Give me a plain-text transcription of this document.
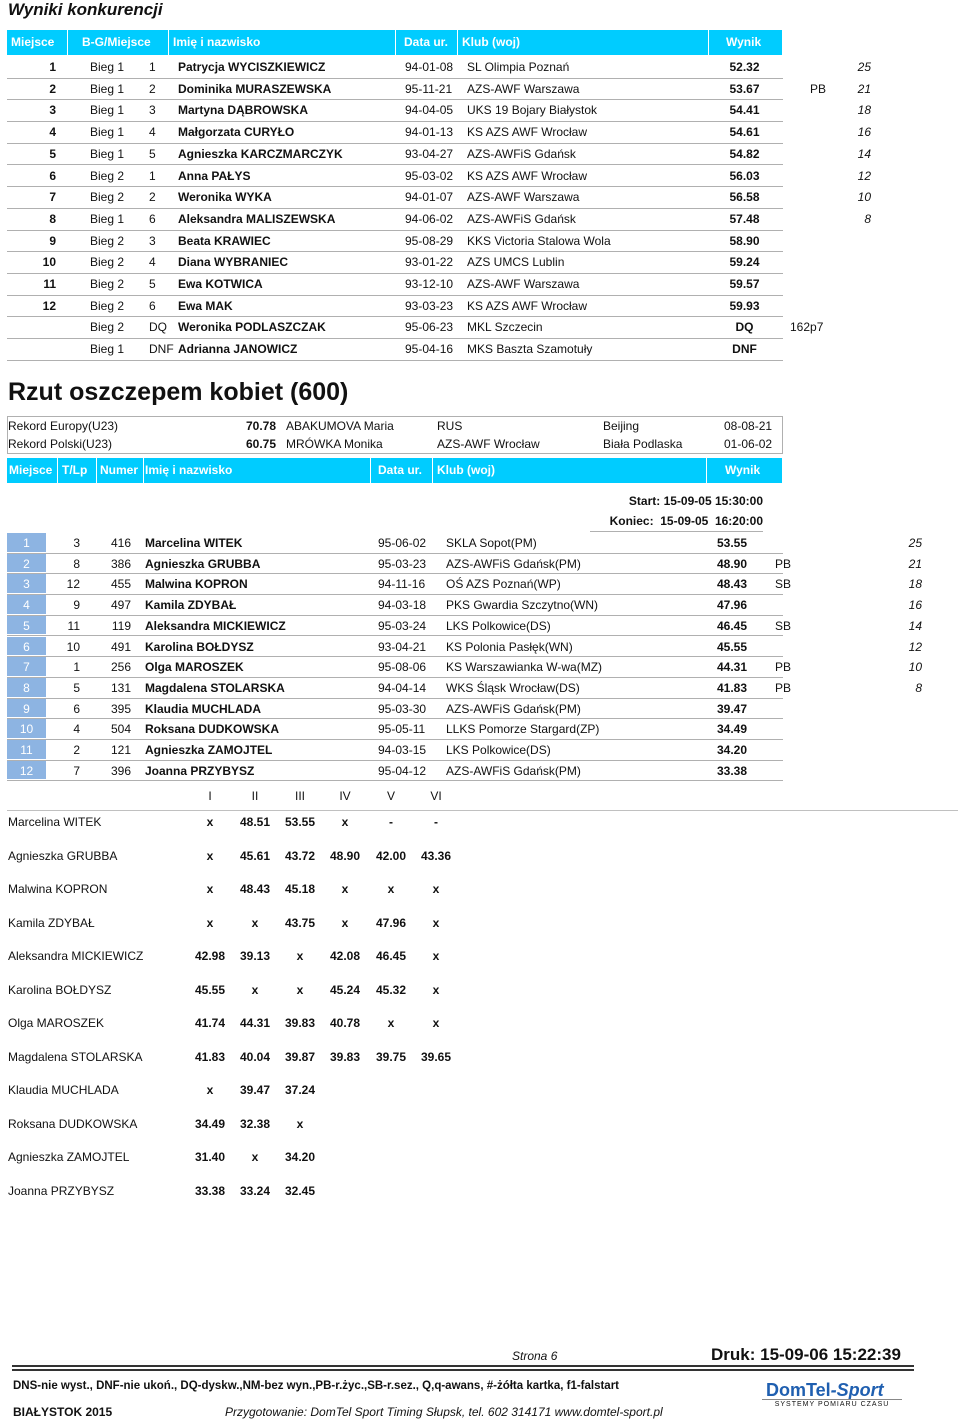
Wyniki konkurencji
Miejsce	B-G/Miejsce	Imię i nazwisko	Data ur.	Klub (woj)	Wynik
1	Bieg 1 1 Patrycja WYCISZKIEWICZ	94-01-08 SL Olimpia Poznań	52.32	25
2	Bieg 1 2 Dominika MURASZEWSKA	95-11-21 AZS-AWF Warszawa	53.67	PB	21
3	Bieg 1 3 Martyna DĄBROWSKA	94-04-05 UKS 19 Bojary Białystok	54.41	18
4	Bieg 1 4 Małgorzata CURYŁO	94-01-13 KS AZS AWF Wrocław	54.61	16
5	Bieg 1 5 Agnieszka KARCZMARCZYK	93-04-27 AZS-AWFiS Gdańsk	54.82	14
6	Bieg 2 1 Anna PAŁYS	95-03-02 KS AZS AWF Wrocław	56.03	12
7	Bieg 2 2 Weronika WYKA	94-01-07 AZS-AWF Warszawa	56.58	10
8	Bieg 1 6 Aleksandra MALISZEWSKA	94-06-02 AZS-AWFiS Gdańsk	57.48	8
9	Bieg 2 3 Beata KRAWIEC	95-08-29 KKS Victoria Stalowa Wola	58.90
10	Bieg 2 4 Diana WYBRANIEC	93-01-22 AZS UMCS Lublin	59.24
11	Bieg 2 5 Ewa KOTWICA	93-12-10 AZS-AWF Warszawa	59.57
12	Bieg 2 6 Ewa MAK	93-03-23 KS AZS AWF Wrocław	59.93
Bieg 2 DQ Weronika PODLASZCZAK	95-06-23 MKL Szczecin	DQ	162p7
Bieg 1 DNF Adrianna JANOWICZ	95-04-16 MKS Baszta Szamotuły	DNF
Rzut oszczepem kobiet (600)
Rekord Europy(U23)	70.78 ABAKUMOVA Maria	RUS	Beijing	08-08-21
Rekord Polski(U23)	60.75 MRÓWKA Monika	AZS-AWF Wrocław	Biała Podlaska	01-06-02
Miejsce T/Lp	Numer Imię i nazwisko	Data ur.	Klub (woj)	Wynik
Start: 15-09-05 15:30:00
Koniec:  15-09-05  16:20:00
1	3	416 Marcelina WITEK	95-06-02 SKLA Sopot(PM)	53.55	25
2	8	386 Agnieszka GRUBBA	95-03-23 AZS-AWFiS Gdańsk(PM)	48.90 PB	21
3	12	455 Malwina KOPRON	94-11-16 OŚ AZS Poznań(WP)	48.43 SB	18
4	9	497 Kamila ZDYBAŁ	94-03-18 PKS Gwardia Szczytno(WN)	47.96	16
5	11	119 Aleksandra MICKIEWICZ	95-03-24 LKS Polkowice(DS)	46.45 SB	14
6	10	491 Karolina BOŁDYSZ	93-04-21 KS Polonia Pasłęk(WN)	45.55	12
7	1	256 Olga MAROSZEK	95-08-06 KS Warszawianka W-wa(MZ)	44.31 PB	10
8	5	131 Magdalena STOLARSKA	94-04-14 WKS Śląsk Wrocław(DS)	41.83 PB	8
9	6	395 Klaudia MUCHLADA	95-03-30 AZS-AWFiS Gdańsk(PM)	39.47
10	4	504 Roksana DUDKOWSKA	95-05-11 LLKS Pomorze Stargard(ZP)	34.49
11	2	121 Agnieszka ZAMOJTEL	94-03-15 LKS Polkowice(DS)	34.20
12	7	396 Joanna PRZYBYSZ	95-04-12 AZS-AWFiS Gdańsk(PM)	33.38
I	II	III	IV	V	VI
Marcelina WITEK	x	48.51	53.55	x	-	-
Agnieszka GRUBBA	x	45.61	43.72	48.90	42.00	43.36
Malwina KOPRON	x	48.43	45.18	x	x	x
Kamila ZDYBAŁ	x	x	43.75	x	47.96	x
Aleksandra MICKIEWICZ	42.98	39.13	x	42.08	46.45	x
Karolina BOŁDYSZ	45.55	x	x	45.24	45.32	x
Olga MAROSZEK	41.74	44.31	39.83	40.78	x	x
Magdalena STOLARSKA	41.83	40.04	39.87	39.83	39.75	39.65
Klaudia MUCHLADA	x	39.47	37.24
Roksana DUDKOWSKA	34.49	32.38	x
Agnieszka ZAMOJTEL	31.40	x	34.20
Joanna PRZYBYSZ	33.38	33.24	32.45
Strona 6	Druk: 15-09-06 15:22:39
DNS-nie wyst., DNF-nie ukoń., DQ-dyskw.,NM-bez wyn.,PB-r.życ.,SB-r.sez., Q,q-awans, #-żółta kartka, f1-falstart
BIAŁYSTOK 2015	Przygotowanie: DomTel Sport Timing Słupsk, tel. 602 314171 www.domtel-sport.pl
DomTel-Sport
SYSTEMY POMIARU CZASU
